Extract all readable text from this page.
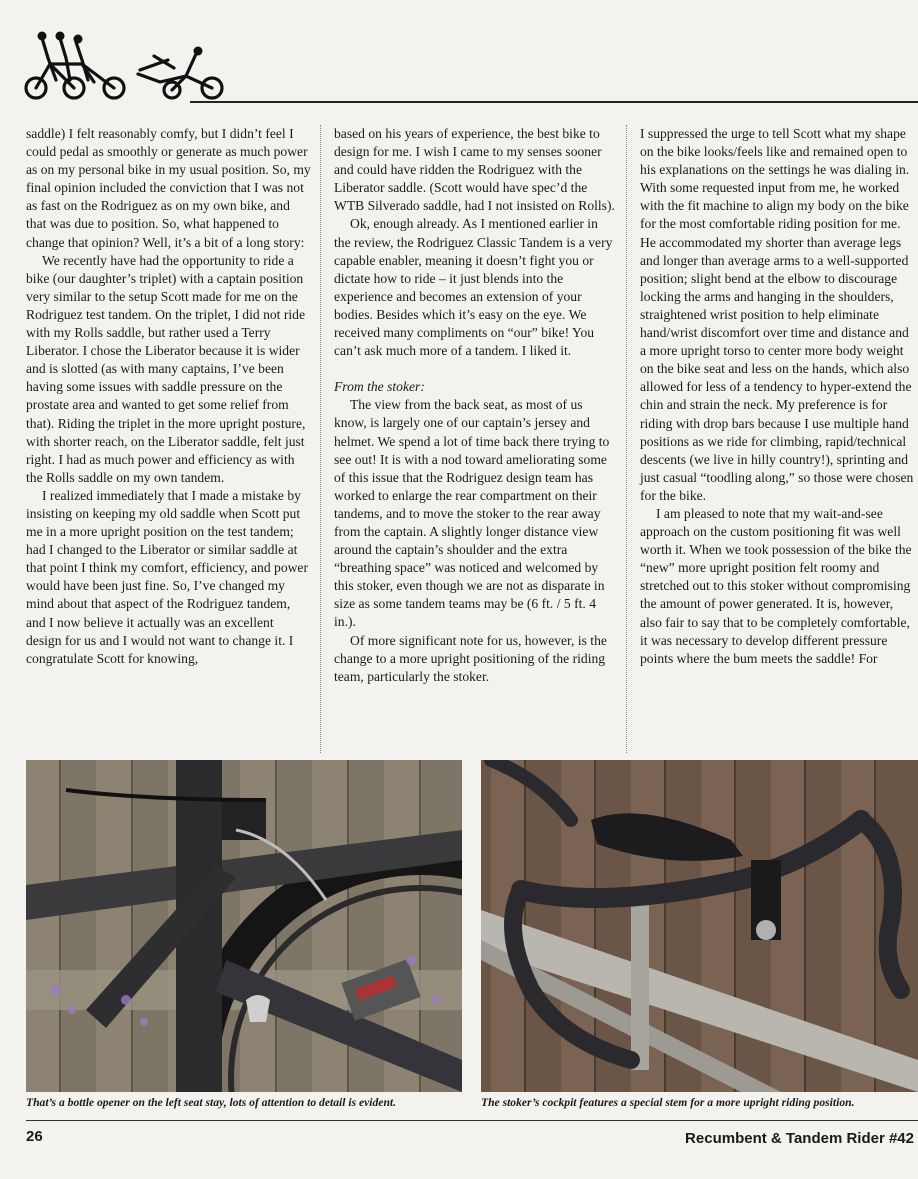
saddle) I felt reasonably comfy, but I didn’t feel I could pedal as smoothly or generate as much power as on my personal bike in my usual position. So, my final opinion included the conviction that I was not as fast on the Rodriguez as on my own bike, and that was due to position. So, what happened to change that opinion? Well, it’s a bit of a long story:

We recently have had the opportunity to ride a bike (our daughter’s triplet) with a captain position very similar to the setup Scott made for me on the Rodriguez test tandem. On the triplet, I did not ride with my Rolls saddle, but rather used a Terry Liberator. I chose the Liberator because it is wider and is slotted (as with many captains, I’ve been having some issues with saddle pressure on the prostate area and wanted to get some relief from that). Riding the triplet in the more upright posture, with shorter reach, on the Liberator saddle, felt just right. I had as much power and efficiency as with the Rolls saddle on my own tandem.

I realized immediately that I made a mistake by insisting on keeping my old saddle when Scott put me in a more upright position on the test tandem; had I changed to the Liberator or similar saddle at that point I think my comfort, efficiency, and power would have been just fine. So, I’ve changed my mind about that aspect of the Rodriguez tandem, and I now believe it actually was an excellent design for us and I would not want to change it. I congratulate Scott for knowing,

based on his years of experience, the best bike to design for me. I wish I came to my senses sooner and could have ridden the Rodriguez with the Liberator saddle. (Scott would have spec’d the WTB Silverado saddle, had I not insisted on Rolls).

Ok, enough already. As I mentioned earlier in the review, the Rodriguez Classic Tandem is a very capable enabler, meaning it doesn’t fight you or dictate how to ride – it just blends into the experience and becomes an extension of your bodies. Besides which it’s easy on the eye. We received many compliments on “our” bike! You can’t ask much more of a tandem. I liked it.

From the stoker:

The view from the back seat, as most of us know, is largely one of our captain’s jersey and helmet. We spend a lot of time back there trying to see out! It is with a nod toward ameliorating some of this issue that the Rodriguez design team has worked to enlarge the rear compartment on their tandems, and to move the stoker to the rear away from the captain. A slightly longer distance view around the captain’s shoulder and the extra “breathing space” was noticed and welcomed by this stoker, even though we are not as disparate in size as some tandem teams may be (6 ft. / 5 ft. 4 in.).

Of more significant note for us, however, is the change to a more upright positioning of the riding team, particularly the stoker.

I suppressed the urge to tell Scott what my shape on the bike looks/feels like and remained open to his explanations on the settings he was dialing in. With some requested input from me, he worked with the fit machine to align my body on the bike for the most comfortable riding position for me. He accommodated my shorter than average legs and longer than average arms to a well-supported position; slight bend at the elbow to discourage locking the arms and hanging in the shoulders, straightened wrist position to help eliminate hand/wrist discomfort over time and distance and a more upright torso to center more body weight on the bike seat and less on the hands, which also allowed for less of a tendency to hyper-extend the chin and strain the neck. My preference is for riding with drop bars because I use multiple hand positions as we ride for climbing, rapid/technical descents (we live in hilly country!), sprinting and just casual “toodling along,” so those were chosen for the bike.

I am pleased to note that my wait-and-see approach on the custom positioning fit was well worth it. When we took possession of the bike the “new” more upright position felt roomy and stretched out to this stoker without compromising the amount of power generated. It is, however, also fair to say that to be completely comfortable, it was necessary to develop different pressure points where the bum meets the saddle! For

That’s a bottle opener on the left seat stay, lots of attention to detail is evident.	The stoker’s cockpit features a special stem for a more upright riding position.
26	Recumbent & Tandem Rider #42
